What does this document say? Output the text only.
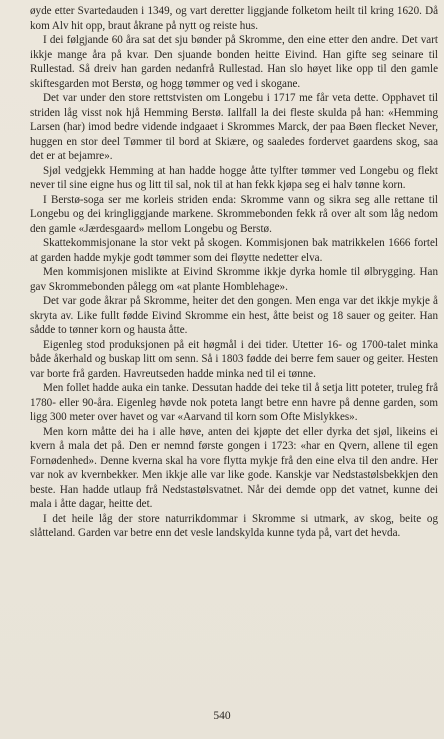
øyde etter Svartedauden i 1349, og vart deretter liggjande folketom heilt til kring 1620. Då kom Alv hit opp, braut åkrane på nytt og reiste hus.

I dei følgjande 60 åra sat det sju bønder på Skromme, den eine etter den andre. Det vart ikkje mange åra på kvar. Den sjuande bonden heitte Eivind. Han gifte seg seinare til Rullestad. Så dreiv han garden nedanfrå Rullestad. Han slo høyet like opp til den gamle skiftesgarden mot Berstø, og hogg tømmer og ved i skogane.

Det var under den store rettstvisten om Longebu i 1717 me får veta dette. Opphavet til striden låg visst nok hjå Hemming Berstø. Iallfall la dei fleste skulda på han: «Hemming Larsen (har) imod bedre vidende indgaaet i Skrommes Marck, der paa Bøen flecket Never, huggen en stor deel Tømmer til bord at Skiære, og saaledes fordervet gaardens skog, saa det er at bejamre».

Sjøl vedgjekk Hemming at han hadde hogge åtte tylfter tømmer ved Longebu og flekt never til sine eigne hus og litt til sal, nok til at han fekk kjøpa seg ei halv tønne korn.

I Berstø-soga ser me korleis striden enda: Skromme vann og sikra seg alle rettane til Longebu og dei kringliggjande markene. Skrommebonden fekk rå over alt som låg nedom den gamle «Jærdesgaard» mellom Longebu og Berstø.

Skattekommisjonane la stor vekt på skogen. Kommisjonen bak matrikkelen 1666 fortel at garden hadde mykje godt tømmer som dei fløytte nedetter elva.

Men kommisjonen mislikte at Eivind Skromme ikkje dyrka homle til ølbrygging. Han gav Skrommebonden pålegg om «at plante Homblehage».

Det var gode åkrar på Skromme, heiter det den gongen. Men enga var det ikkje mykje å skryta av. Like fullt fødde Eivind Skromme ein hest, åtte beist og 18 sauer og geiter. Han sådde to tønner korn og hausta åtte.

Eigenleg stod produksjonen på eit høgmål i dei tider. Utetter 16- og 1700-talet minka både åkerhald og buskap litt om senn. Så i 1803 fødde dei berre fem sauer og geiter. Hesten var borte frå garden. Havreutseden hadde minka ned til ei tønne.

Men follet hadde auka ein tanke. Dessutan hadde dei teke til å setja litt poteter, truleg frå 1780- eller 90-åra. Eigenleg høvde nok poteta langt betre enn havre på denne garden, som ligg 300 meter over havet og var «Aarvand til korn som Ofte Mislykkes».

Men korn måtte dei ha i alle høve, anten dei kjøpte det eller dyrka det sjøl, likeins ei kvern å mala det på. Den er nemnd første gongen i 1723: «har en Qvern, allene til egen Fornødenhed». Denne kverna skal ha vore flytta mykje frå den eine elva til den andre. Her var nok av kvernbekker. Men ikkje alle var like gode. Kanskje var Nedstastølsbekkjen den beste. Han hadde utlaup frå Nedstastølsvatnet. Når dei demde opp det vatnet, kunne dei mala i åtte dagar, heitte det.

I det heile låg der store naturrikdommar i Skromme si utmark, av skog, beite og slåtteland. Garden var betre enn det vesle landskylda kunne tyda på, vart det hevda.

540
